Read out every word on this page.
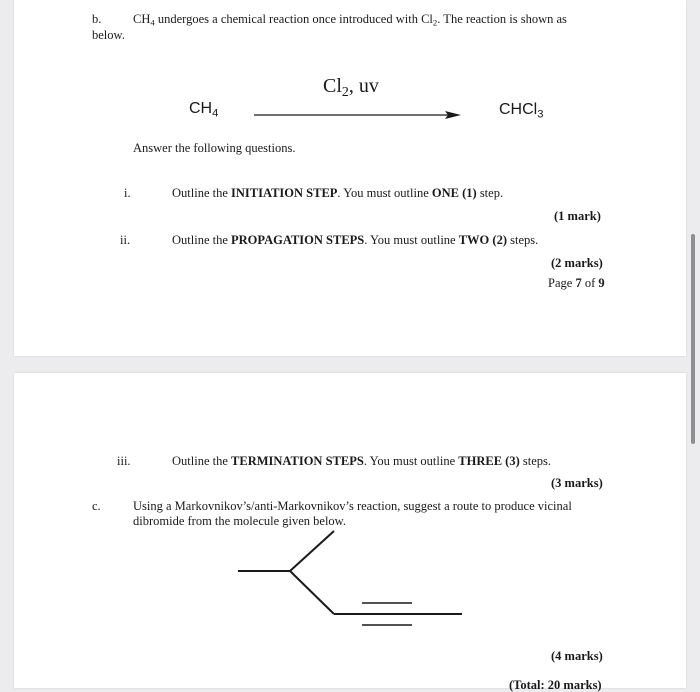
b.	$CH_4$ undergoes a chemical reaction once introduced with $Cl_2$. The reaction is shown as
below.
$Cl_2$, uv
$CH_4$	CHCl$_3$
Answer the following questions.
i.	Outline the INITIATION STEP. You must outline ONE (1) step.
(1 mark)
ii.	Outline the PROPAGATION STEPS. You must outline TWO (2) steps.
(2 marks)
Page 7 of 9
iii.	Outline the TERMINATION STEPS. You must outline THREE (3) steps.
(3 marks)
c.	Using a Markovnikov’s/anti-Markovnikov’s reaction, suggest a route to produce vicinal
dibromide from the molecule given below.
(4 marks)
(Total: 20 marks)
